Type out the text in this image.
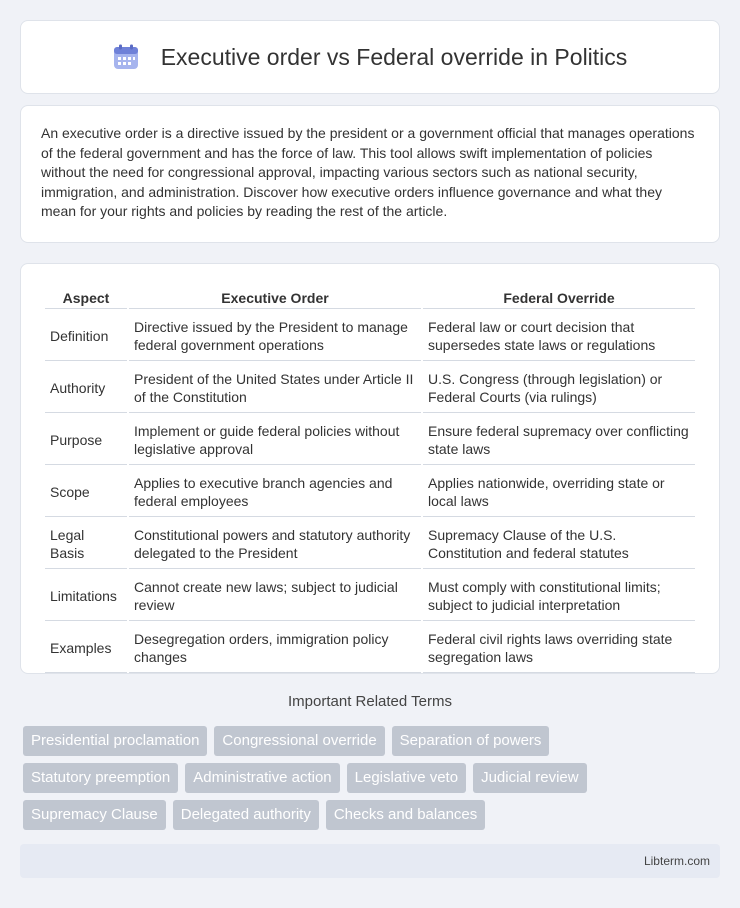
Executive order vs Federal override in Politics

An executive order is a directive issued by the president or a government official that manages operations of the federal government and has the force of law. This tool allows swift implementation of policies without the need for congressional approval, impacting various sectors such as national security, immigration, and administration. Discover how executive orders influence governance and what they mean for your rights and policies by reading the rest of the article.

Aspect	Executive Order	Federal Override
Definition	Directive issued by the President to manage federal government operations	Federal law or court decision that supersedes state laws or regulations
Authority	President of the United States under Article II of the Constitution	U.S. Congress (through legislation) or Federal Courts (via rulings)
Purpose	Implement or guide federal policies without legislative approval	Ensure federal supremacy over conflicting state laws
Scope	Applies to executive branch agencies and federal employees	Applies nationwide, overriding state or local laws
Legal Basis	Constitutional powers and statutory authority delegated to the President	Supremacy Clause of the U.S. Constitution and federal statutes
Limitations	Cannot create new laws; subject to judicial review	Must comply with constitutional limits; subject to judicial interpretation
Examples	Desegregation orders, immigration policy changes	Federal civil rights laws overriding state segregation laws
Important Related Terms
Presidential proclamation	Congressional override	Separation of powers
Statutory preemption	Administrative action	Legislative veto	Judicial review
Supremacy Clause	Delegated authority	Checks and balances
Libterm.com
